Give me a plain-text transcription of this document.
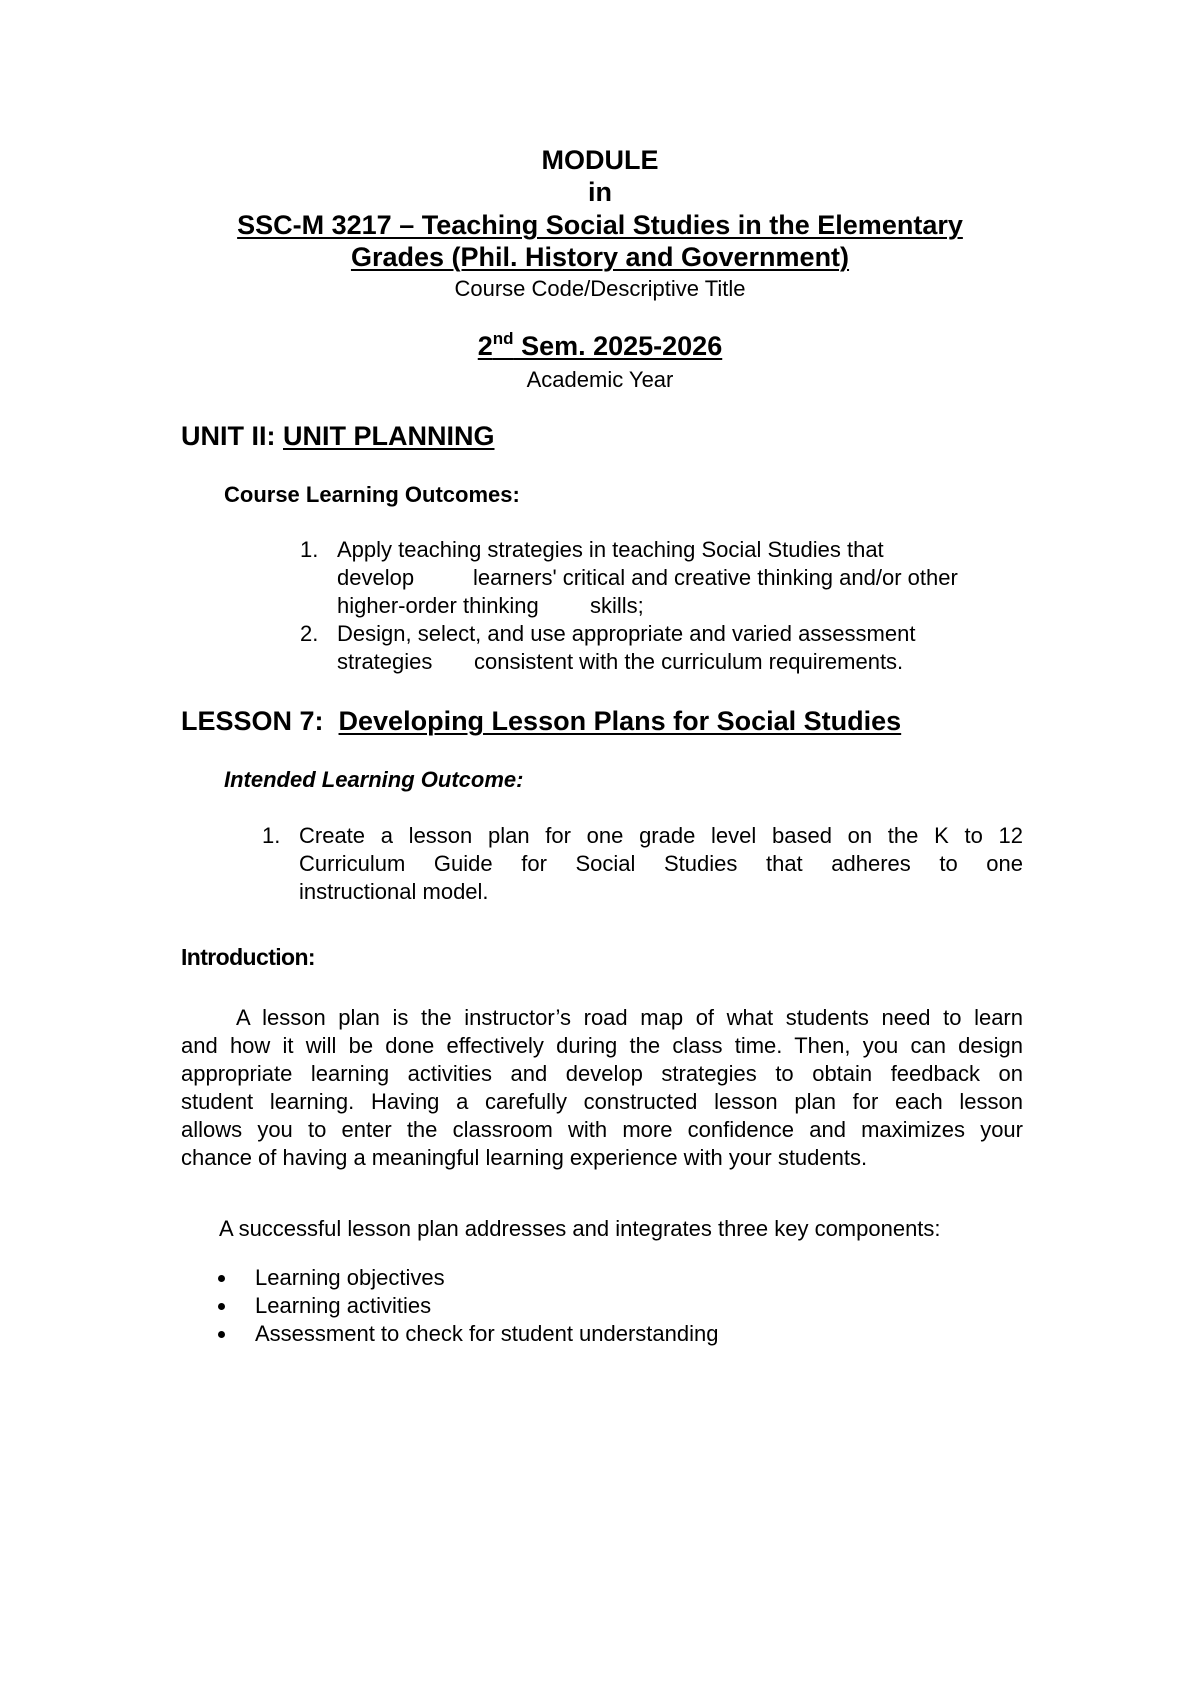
MODULE
in
SSC-M 3217 – Teaching Social Studies in the Elementary
Grades (Phil. History and Government)
Course Code/Descriptive Title
2nd Sem. 2025-2026
Academic Year
UNIT II: UNIT PLANNING
Course Learning Outcomes:
1. Apply teaching strategies in teaching Social Studies that
develop	learners' critical and creative thinking and/or other
higher-order thinking skills;
2. Design, select, and use appropriate and varied assessment
strategies consistent with the curriculum requirements.
LESSON 7:  Developing Lesson Plans for Social Studies
Intended Learning Outcome:
1. Create a lesson plan for one grade level based on the K to 12
Curriculum Guide for Social Studies that adheres to one
instructional model.
Introduction:
A lesson plan is the instructor’s road map of what students need to learn
and how it will be done effectively during the class time. Then, you can design
appropriate learning activities and develop strategies to obtain feedback on
student learning. Having a carefully constructed lesson plan for each lesson
allows you to enter the classroom with more confidence and maximizes your
chance of having a meaningful learning experience with your students.
A successful lesson plan addresses and integrates three key components:
Learning objectives
Learning activities
Assessment to check for student understanding
